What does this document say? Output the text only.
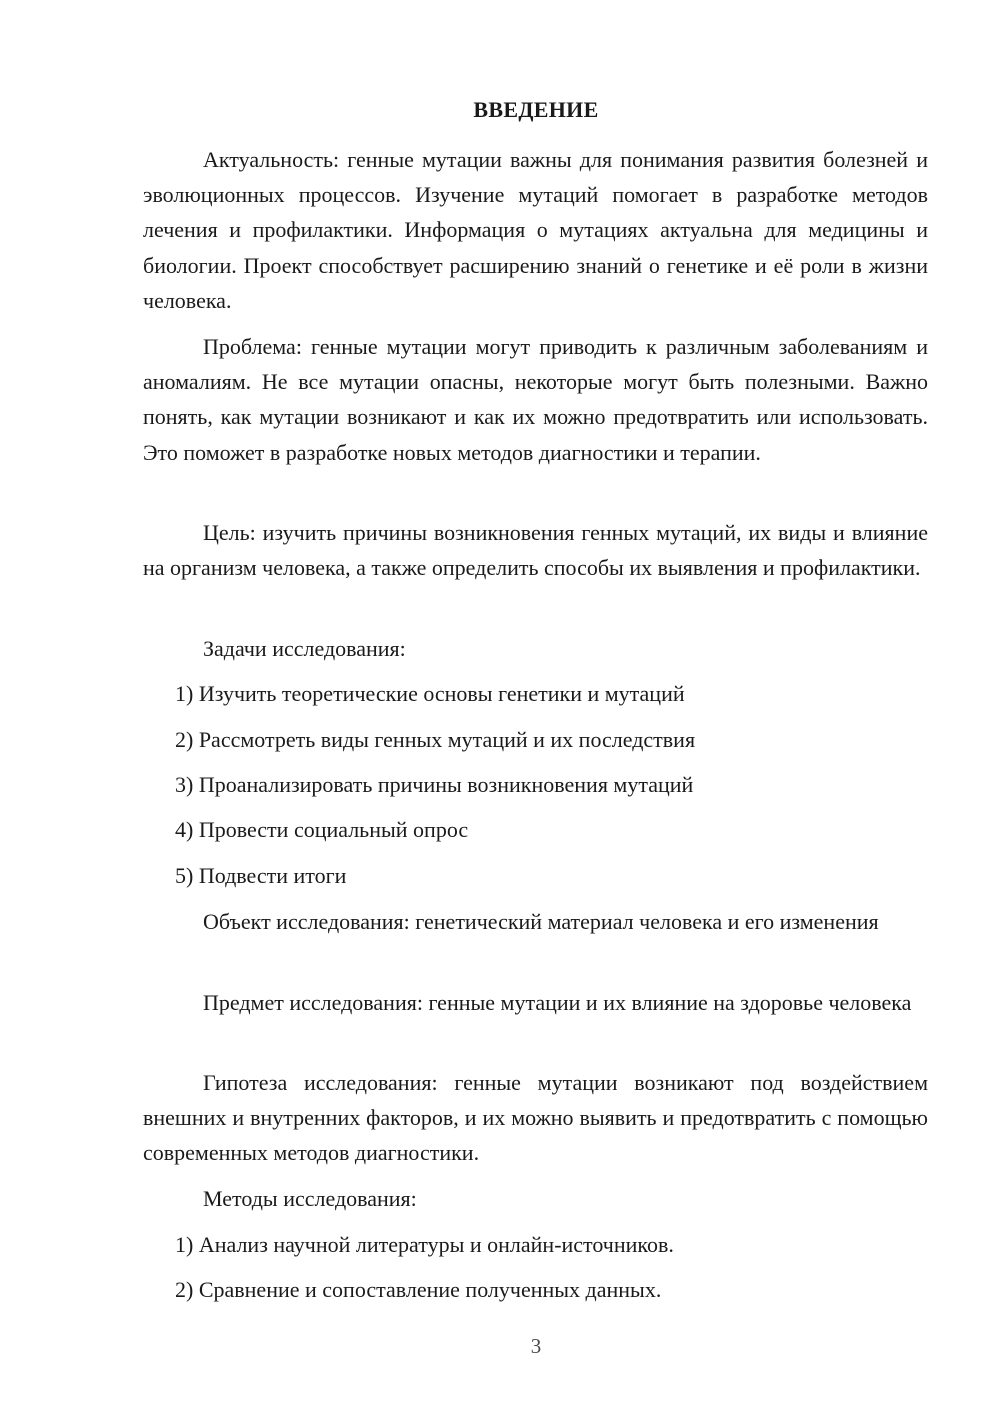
ВВЕДЕНИЕ
Актуальность: генные мутации важны для понимания развития болезней и эволюционных процессов. Изучение мутаций помогает в разработке методов лечения и профилактики. Информация о мутациях актуальна для медицины и биологии. Проект способствует расширению знаний о генетике и её роли в жизни человека.
Проблема: генные мутации могут приводить к различным заболеваниям и аномалиям. Не все мутации опасны, некоторые могут быть полезными. Важно понять, как мутации возникают и как их можно предотвратить или использовать. Это поможет в разработке новых методов диагностики и терапии.
Цель: изучить причины возникновения генных мутаций, их виды и влияние на организм человека, а также определить способы их выявления и профилактики.
Задачи исследования:
1) Изучить теоретические основы генетики и мутаций
2) Рассмотреть виды генных мутаций и их последствия
3) Проанализировать причины возникновения мутаций
4) Провести социальный опрос
5) Подвести итоги
Объект исследования: генетический материал человека и его изменения
Предмет исследования: генные мутации и их влияние на здоровье человека
Гипотеза исследования: генные мутации возникают под воздействием внешних и внутренних факторов, и их можно выявить и предотвратить с помощью современных методов диагностики.
Методы исследования:
1) Анализ научной литературы и онлайн-источников.
2) Сравнение и сопоставление полученных данных.
3
